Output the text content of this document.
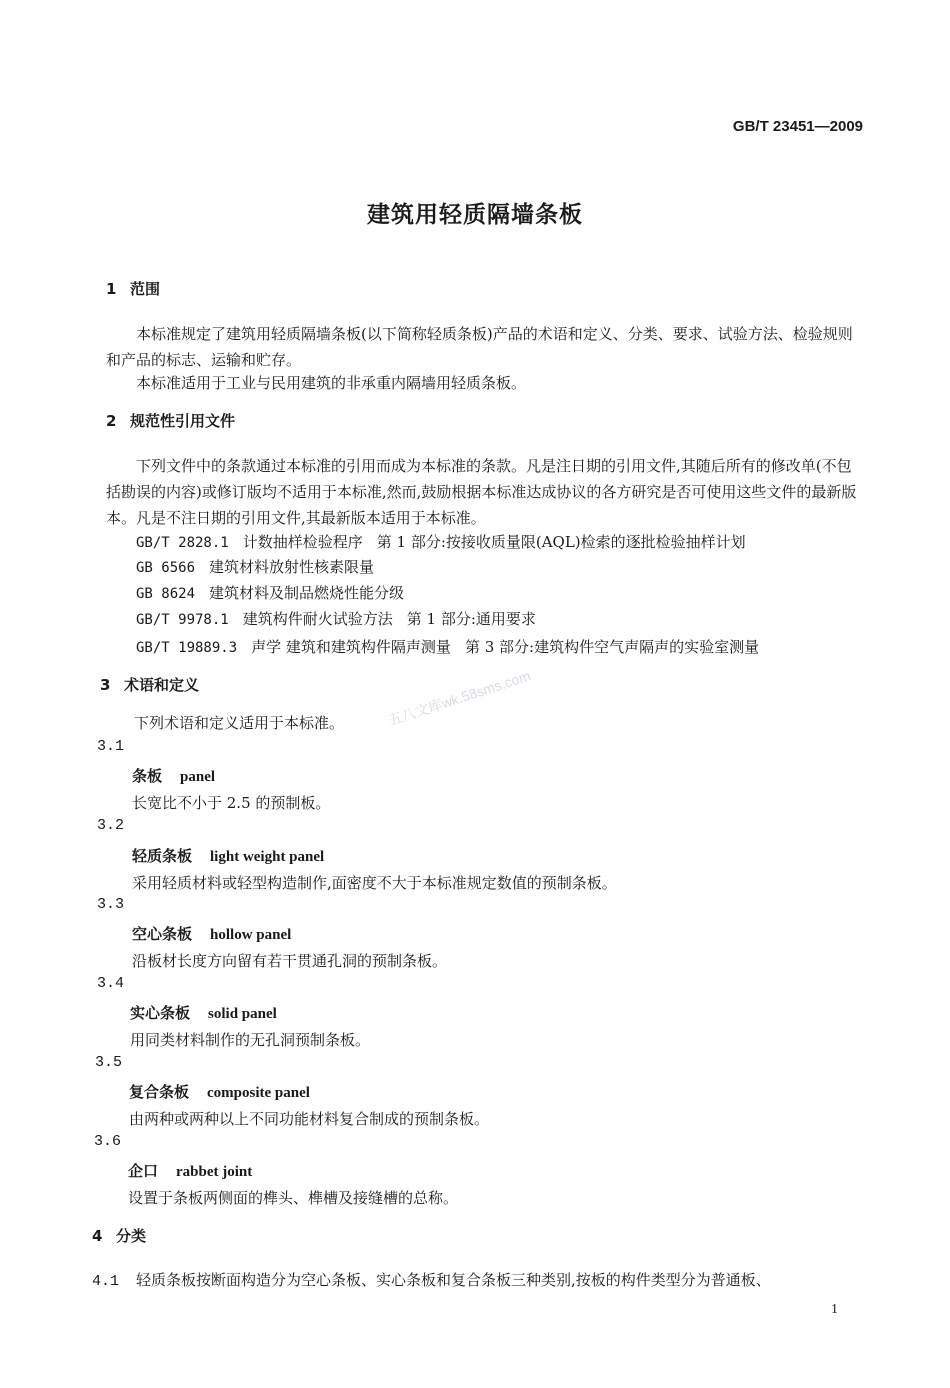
GB/T 23451—2009
建筑用轻质隔墙条板
1 范围
本标准规定了建筑用轻质隔墙条板(以下简称轻质条板)产品的术语和定义、分类、要求、试验方法、检验规则和产品的标志、运输和贮存。
本标准适用于工业与民用建筑的非承重内隔墙用轻质条板。
2 规范性引用文件
下列文件中的条款通过本标准的引用而成为本标准的条款。凡是注日期的引用文件,其随后所有的修改单(不包括勘误的内容)或修订版均不适用于本标准,然而,鼓励根据本标准达成协议的各方研究是否可使用这些文件的最新版本。凡是不注日期的引用文件,其最新版本适用于本标准。
GB/T 2828.1 计数抽样检验程序 第 1 部分:按接收质量限(AQL)检索的逐批检验抽样计划
GB 6566 建筑材料放射性核素限量
GB 8624 建筑材料及制品燃烧性能分级
GB/T 9978.1 建筑构件耐火试验方法 第 1 部分:通用要求
GB/T 19889.3 声学 建筑和建筑构件隔声测量 第 3 部分:建筑构件空气声隔声的实验室测量
3 术语和定义
下列术语和定义适用于本标准。	五八文库wk.58sms.com
3.1
条板 panel
长宽比不小于 2.5 的预制板。
3.2
轻质条板 light weight panel
采用轻质材料或轻型构造制作,面密度不大于本标准规定数值的预制条板。
3.3
空心条板 hollow panel
沿板材长度方向留有若干贯通孔洞的预制条板。
3.4
实心条板 solid panel
用同类材料制作的无孔洞预制条板。
3.5
复合条板 composite panel
由两种或两种以上不同功能材料复合制成的预制条板。
3.6
企口 rabbet joint
设置于条板两侧面的榫头、榫槽及接缝槽的总称。
4 分类
4.1 轻质条板按断面构造分为空心条板、实心条板和复合条板三种类别,按板的构件类型分为普通板、
1
